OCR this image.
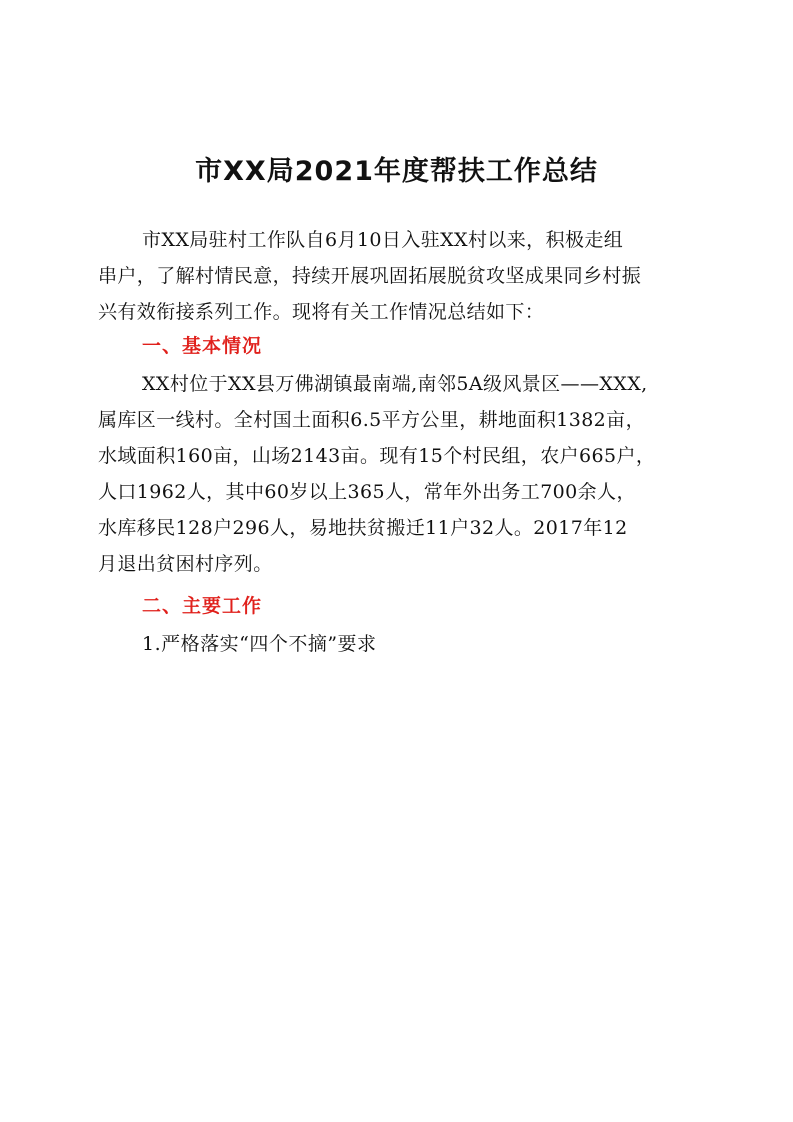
市XX局2021年度帮扶工作总结
市XX局驻村工作队自6月10日入驻XX村以来，积极走组
串户，了解村情民意，持续开展巩固拓展脱贫攻坚成果同乡村振
兴有效衔接系列工作。现将有关工作情况总结如下：
一、基本情况
XX村位于XX县万佛湖镇最南端,南邻5A级风景区——XXX,
属库区一线村。全村国土面积6.5平方公里，耕地面积1382亩，
水域面积160亩，山场2143亩。现有15个村民组，农户665户，
人口1962人，其中60岁以上365人，常年外出务工700余人，
水库移民128户296人，易地扶贫搬迁11户32人。2017年12
月退出贫困村序列。
二、主要工作
1.严格落实“四个不摘”要求
